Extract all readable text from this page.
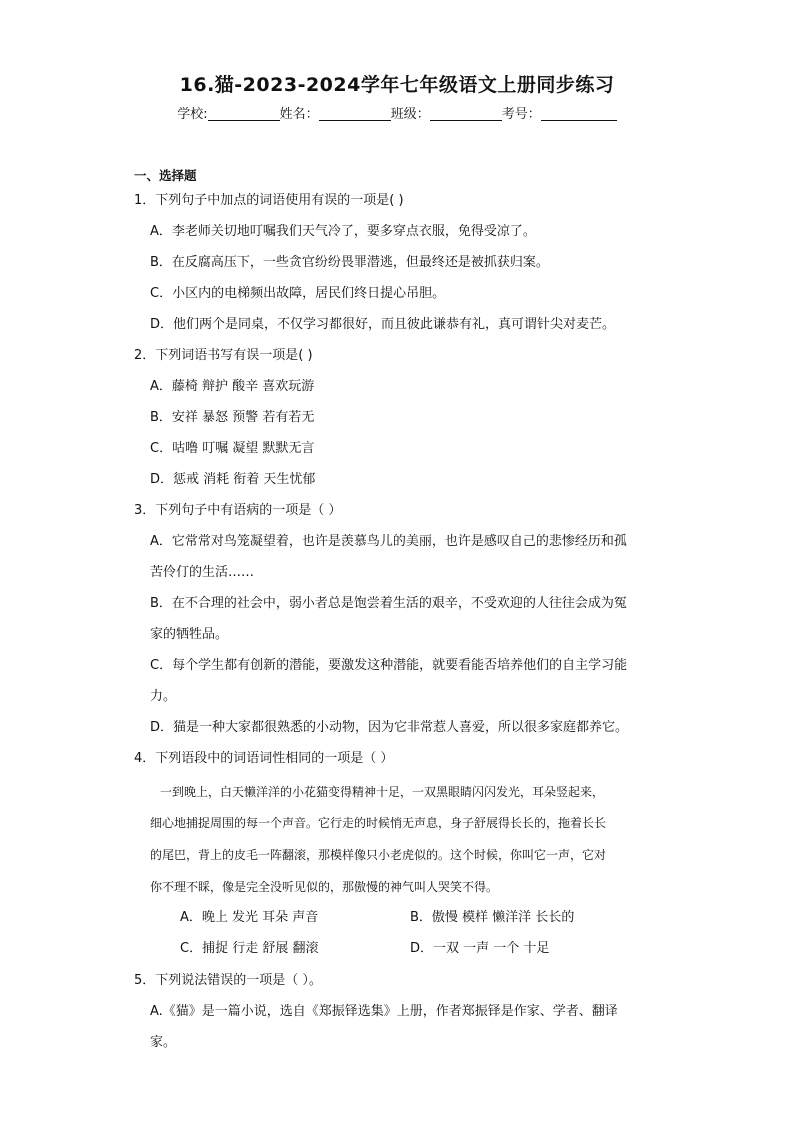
16.猫-2023-2024学年七年级语文上册同步练习
学校:	姓名：	班级：	考号：
一、选择题
1．下列句子中加点的词语使用有误的一项是( )
A．李老师关切地叮嘱我们天气冷了，要多穿点衣服，免得受凉了。
B．在反腐高压下，一些贪官纷纷畏罪潜逃，但最终还是被抓获归案。
C．小区内的电梯频出故障，居民们终日提心吊胆。
D．他们两个是同桌，不仅学习都很好，而且彼此谦恭有礼，真可谓针尖对麦芒。
2．下列词语书写有误一项是( )
A．藤椅 辩护 酸辛 喜欢玩游
B．安祥 暴怒 预警 若有若无
C．咕噜 叮嘱 凝望 默默无言
D．惩戒 消耗 衔着 天生忧郁
3．下列句子中有语病的一项是（ ）
A．它常常对鸟笼凝望着，也许是羡慕鸟儿的美丽，也许是感叹自己的悲惨经历和孤
苦伶仃的生活……
B．在不合理的社会中，弱小者总是饱尝着生活的艰辛，不受欢迎的人往往会成为冤
家的牺牲品。
C．每个学生都有创新的潜能，要激发这种潜能，就要看能否培养他们的自主学习能
力。
D．猫是一种大家都很熟悉的小动物，因为它非常惹人喜爱，所以很多家庭都养它。
4．下列语段中的词语词性相同的一项是（ ）
一到晚上，白天懒洋洋的小花猫变得精神十足，一双黑眼睛闪闪发光，耳朵竖起来，
细心地捕捉周围的每一个声音。它行走的时候悄无声息，身子舒展得长长的，拖着长长
的尾巴，背上的皮毛一阵翻滚，那模样像只小老虎似的。这个时候，你叫它一声，它对
你不理不睬，像是完全没听见似的，那傲慢的神气叫人哭笑不得。
A．晚上 发光 耳朵 声音	B．傲慢 模样 懒洋洋 长长的
C．捕捉 行走 舒展 翻滚	D．一双 一声 一个 十足
5．下列说法错误的一项是（ ）。
A.《猫》是一篇小说，选自《郑振铎选集》上册，作者郑振铎是作家、学者、翻译
家。
